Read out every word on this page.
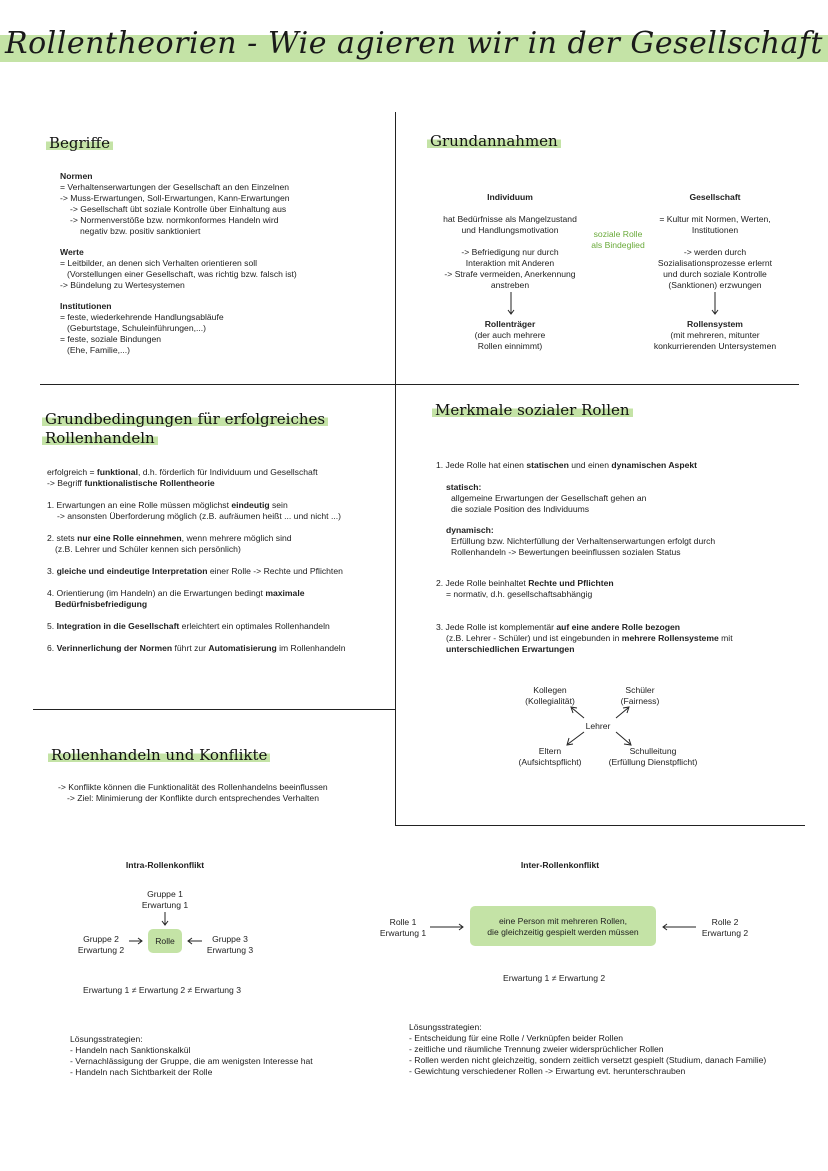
Rollentheorien - Wie agieren wir in der Gesellschaft
Begriffe
Normen
= Verhaltenserwartungen der Gesellschaft an den Einzelnen
-> Muss-Erwartungen, Soll-Erwartungen, Kann-Erwartungen
-> Gesellschaft übt soziale Kontrolle über Einhaltung aus
-> Normenverstöße bzw. normkonformes Handeln wird
negativ bzw. positiv sanktioniert
Werte
= Leitbilder, an denen sich Verhalten orientieren soll
(Vorstellungen einer Gesellschaft, was richtig bzw. falsch ist)
-> Bündelung zu Wertesystemen
Institutionen
= feste, wiederkehrende Handlungsabläufe
(Geburtstage, Schuleinführungen,...)
= feste, soziale Bindungen
(Ehe, Familie,...)
Grundannahmen
Individuum
hat Bedürfnisse als Mangelzustand
und Handlungsmotivation
-> Befriedigung nur durch
Interaktion mit Anderen
-> Strafe vermeiden, Anerkennung
anstreben
Rollenträger
(der auch mehrere
Rollen einnimmt)
soziale Rolle
als Bindeglied
Gesellschaft
= Kultur mit Normen, Werten,
Institutionen
-> werden durch
Sozialisationsprozesse erlernt
und durch soziale Kontrolle
(Sanktionen) erzwungen
Rollensystem
(mit mehreren, mitunter
konkurrierenden Untersystemen
Grundbedingungen für erfolgreiches
Rollenhandeln
erfolgreich = funktional, d.h. förderlich für Individuum und Gesellschaft
-> Begriff funktionalistische Rollentheorie
1. Erwartungen an eine Rolle müssen möglichst eindeutig sein
-> ansonsten Überforderung möglich (z.B. aufräumen heißt ... und nicht ...)
2. stets nur eine Rolle einnehmen, wenn mehrere möglich sind
(z.B. Lehrer und Schüler kennen sich persönlich)
3. gleiche und eindeutige Interpretation einer Rolle -> Rechte und Pflichten
4. Orientierung (im Handeln) an die Erwartungen bedingt maximale
Bedürfnisbefriedigung
5. Integration in die Gesellschaft erleichtert ein optimales Rollenhandeln
6. Verinnerlichung der Normen führt zur Automatisierung im Rollenhandeln
Merkmale sozialer Rollen
1. Jede Rolle hat einen statischen und einen dynamischen Aspekt
statisch:
allgemeine Erwartungen der Gesellschaft gehen an
die soziale Position des Individuums
dynamisch:
Erfüllung bzw. Nichterfüllung der Verhaltenserwartungen erfolgt durch
Rollenhandeln -> Bewertungen beeinflussen sozialen Status
2. Jede Rolle beinhaltet Rechte und Pflichten
= normativ, d.h. gesellschaftsabhängig
3. Jede Rolle ist komplementär auf eine andere Rolle bezogen
(z.B. Lehrer - Schüler) und ist eingebunden in mehrere Rollensysteme mit
unterschiedlichen Erwartungen
Kollegen
(Kollegialität)
Schüler
(Fairness)
Lehrer
Eltern
(Aufsichtspflicht)
Schulleitung
(Erfüllung Dienstpflicht)
Rollenhandeln und Konflikte
-> Konflikte können die Funktionalität des Rollenhandelns beeinflussen
-> Ziel: Minimierung der Konflikte durch entsprechendes Verhalten
Intra-Rollenkonflikt
Gruppe 1
Erwartung 1
Gruppe 2
Erwartung 2
Rolle	Gruppe 3
Erwartung 3
Erwartung 1 ≠ Erwartung 2 ≠ Erwartung 3
Lösungsstrategien:
- Handeln nach Sanktionskalkül
- Vernachlässigung der Gruppe, die am wenigsten Interesse hat
- Handeln nach Sichtbarkeit der Rolle
Inter-Rollenkonflikt
Rolle 1
Erwartung 1
eine Person mit mehreren Rollen,
die gleichzeitig gespielt werden müssen
Rolle 2
Erwartung 2
Erwartung 1 ≠ Erwartung 2
Lösungsstrategien:
- Entscheidung für eine Rolle / Verknüpfen beider Rollen
- zeitliche und räumliche Trennung zweier widersprüchlicher Rollen
- Rollen werden nicht gleichzeitig, sondern zeitlich versetzt gespielt (Studium, danach Familie)
- Gewichtung verschiedener Rollen -> Erwartung evt. herunterschrauben
